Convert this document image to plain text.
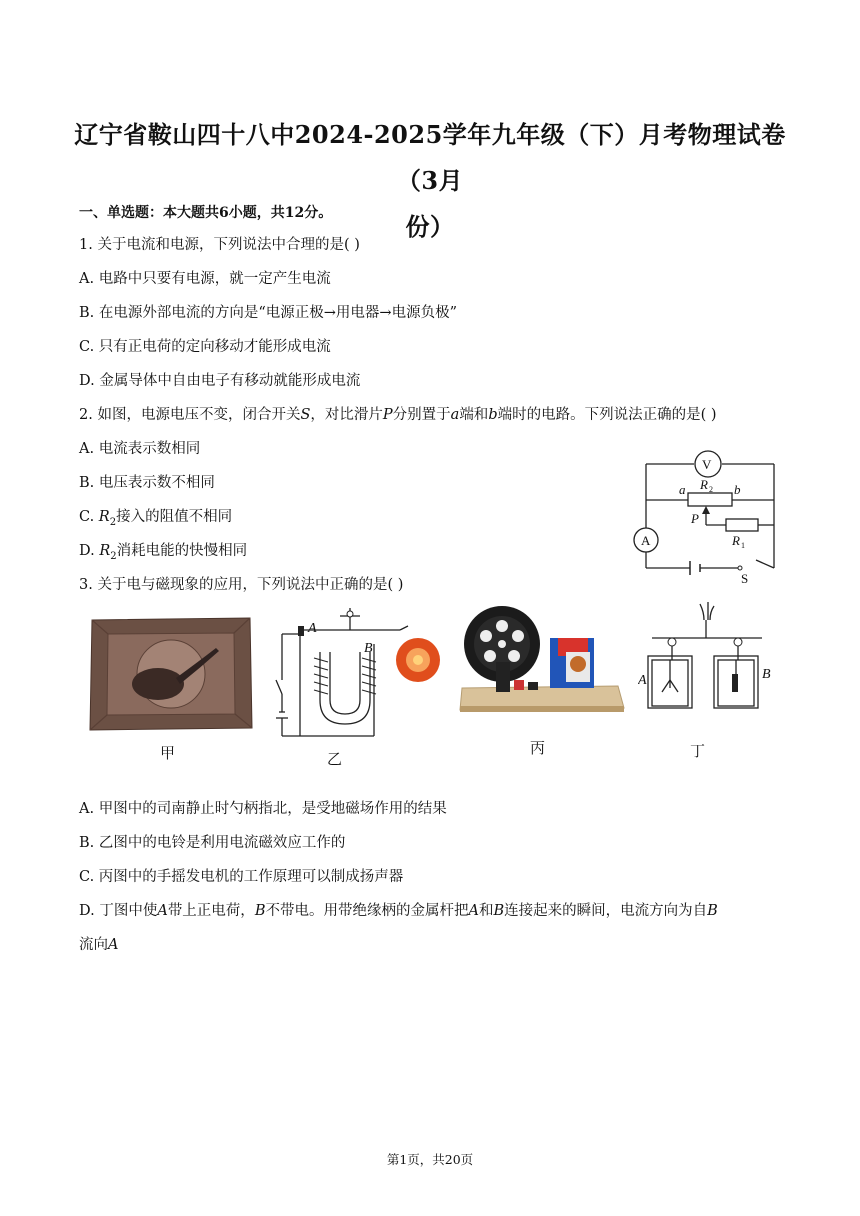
辽宁省鞍山四十八中2024-2025学年九年级（下）月考物理试卷（3月
份）
一、单选题：本大题共6小题，共12分。
1. 关于电流和电源，下列说法中合理的是( )
A. 电路中只要有电源，就一定产生电流
B. 在电源外部电流的方向是“电源正极→用电器→电源负极”
C. 只有正电荷的定向移动才能形成电流
D. 金属导体中自由电子有移动就能形成电流
2. 如图，电源电压不变，闭合开关S，对比滑片P分别置于a端和b端时的电路。下列说法正确的是( )
A. 电流表示数相同
B. 电压表示数不相同
C. $R_2$接入的阻值不相同
D. $R_2$消耗电能的快慢相同
V
A
a	b
R 2
P
R 1
S
3. 关于电与磁现象的应用，下列说法中正确的是( )
A
B
A	B
甲	乙
丙	丁
A. 甲图中的司南静止时勺柄指北，是受地磁场作用的结果
B. 乙图中的电铃是利用电流磁效应工作的
C. 丙图中的手摇发电机的工作原理可以制成扬声器
D. 丁图中使A带上正电荷，B不带电。用带绝缘柄的金属杆把A和B连接起来的瞬间，电流方向为自B
流向A
第1页，共20页
